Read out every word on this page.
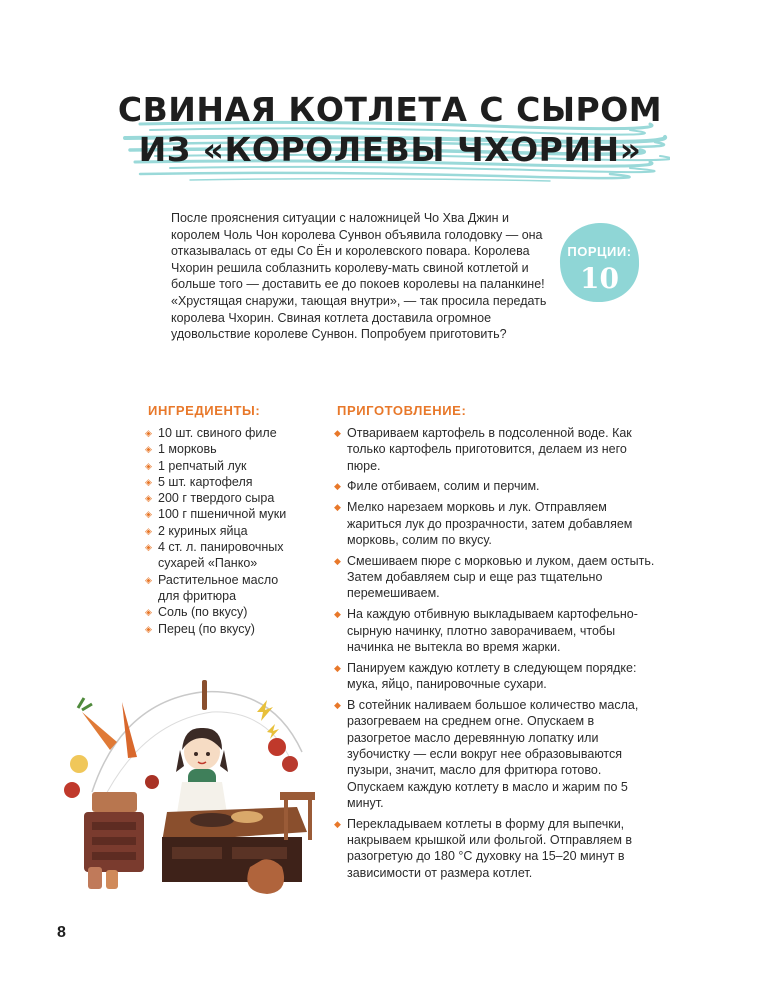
СВИНАЯ КОТЛЕТА С СЫРОМ
ИЗ «КОРОЛЕВЫ ЧХОРИН»
После прояснения ситуации с наложницей Чо Хва Джин и королем Чоль Чон королева Сунвон объявила голодовку — она отказывалась от еды Со Ён и королевского повара. Королева Чхорин решила соблазнить королеву-мать свиной котлетой и больше того — доставить ее до покоев королевы на паланкине! «Хрустящая снаружи, тающая внутри», — так просила передать королева Чхорин. Свиная котлета доставила огромное удовольствие королеве Сунвон. Попробуем приготовить?
ПОРЦИИ:
10
ИНГРЕДИЕНТЫ:
◈ 10 шт. свиного филе
◈ 1 морковь
◈ 1 репчатый лук
◈ 5 шт. картофеля
◈ 200 г твердого сыра
◈ 100 г пшеничной муки
◈ 2 куриных яйца
◈ 4 ст. л. панировочных сухарей «Панко»
◈ Растительное масло для фритюра
◈ Соль (по вкусу)
◈ Перец (по вкусу)
ПРИГОТОВЛЕНИЕ:
◆ Отвариваем картофель в подсоленной воде. Как только картофель приготовится, делаем из него пюре.
◆ Филе отбиваем, солим и перчим.
◆ Мелко нарезаем морковь и лук. Отправляем жариться лук до прозрачности, затем добавляем морковь, солим по вкусу.
◆ Смешиваем пюре с морковью и луком, даем остыть. Затем добавляем сыр и еще раз тщательно перемешиваем.
◆ На каждую отбивную выкладываем картофельно-сырную начинку, плотно заворачиваем, чтобы начинка не вытекла во время жарки.
◆ Панируем каждую котлету в следующем порядке: мука, яйцо, панировочные сухари.
◆ В сотейник наливаем большое количество масла, разогреваем на среднем огне. Опускаем в разогретое масло деревянную лопатку или зубочистку — если вокруг нее образовываются пузыри, значит, масло для фритюра готово. Опускаем каждую котлету в масло и жарим по 5 минут.
◆ Перекладываем котлеты в форму для выпечки, накрываем крышкой или фольгой. Отправляем в разогретую до 180 °С духовку на 15–20 минут в зависимости от размера котлет.
8
